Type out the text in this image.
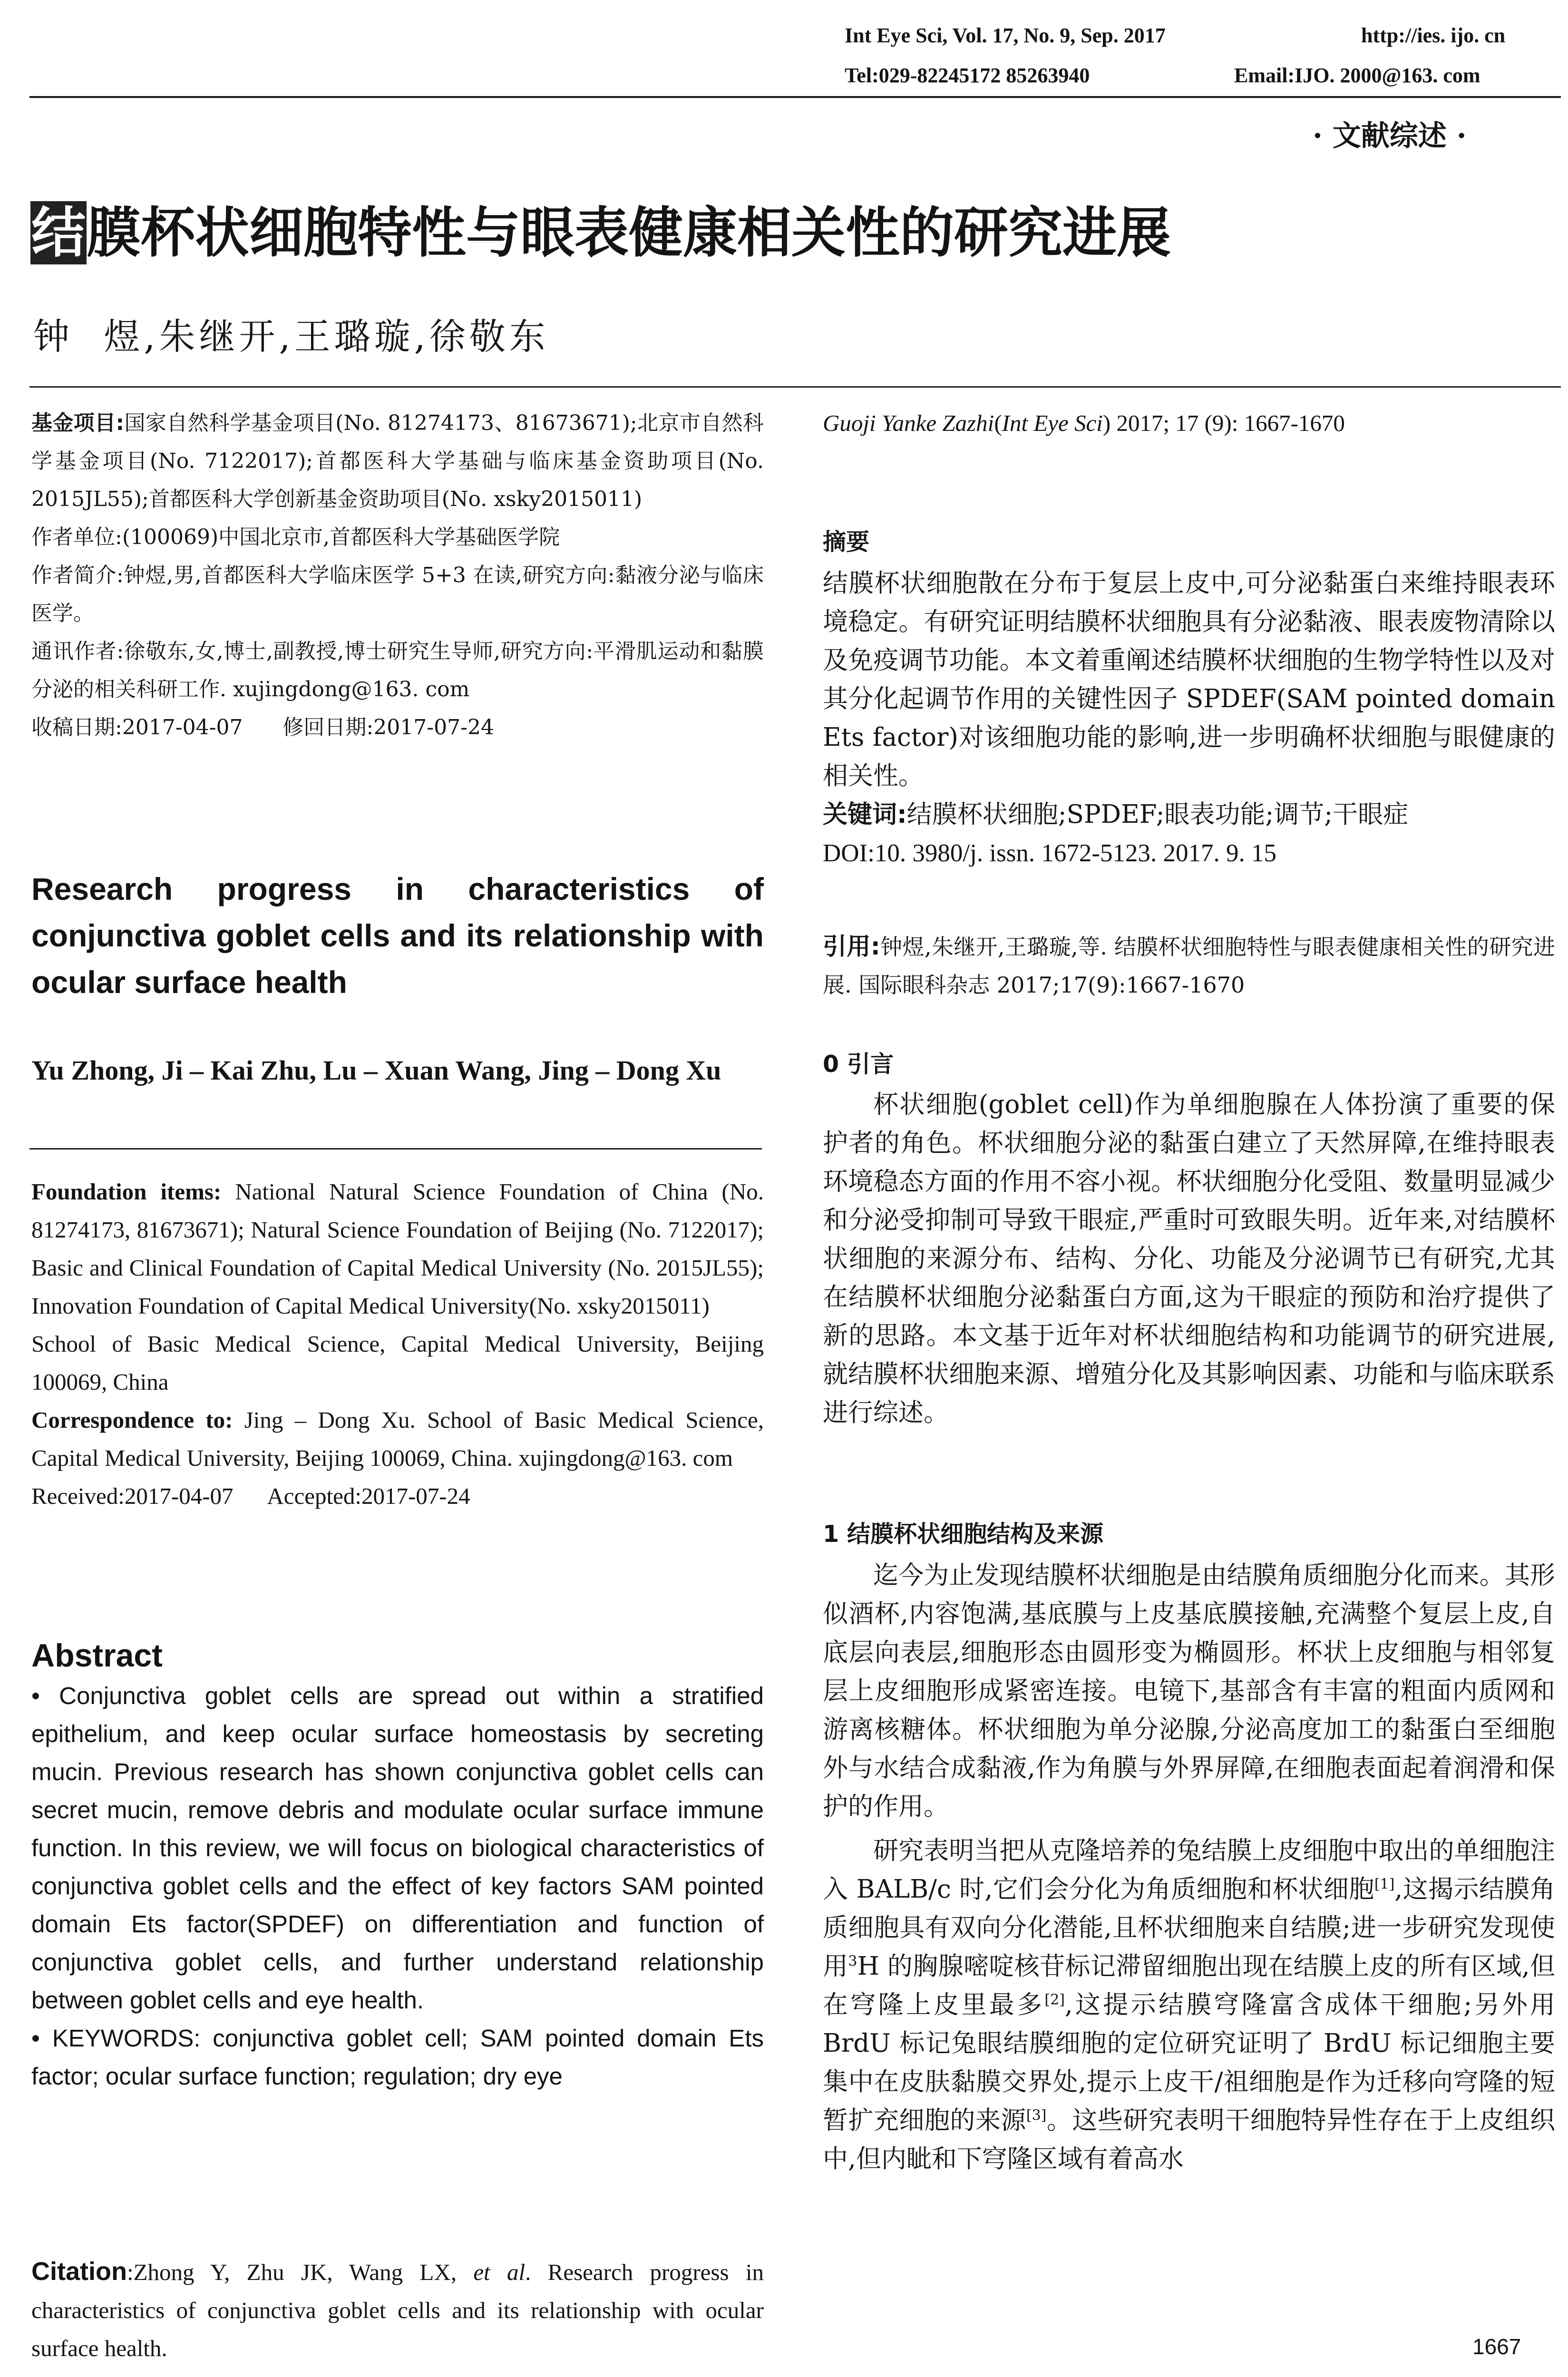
Int Eye Sci, Vol. 17, No. 9, Sep. 2017	http://ies. ijo. cn
Tel:029-82245172 85263940	Email:IJO. 2000@163. com
· 文献综述 ·
结膜杯状细胞特性与眼表健康相关性的研究进展
钟  煜,朱继开,王璐璇,徐敬东

基金项目:国家自然科学基金项目(No. 81274173、81673671);北京市自然科学基金项目(No. 7122017);首都医科大学基础与临床基金资助项目(No. 2015JL55);首都医科大学创新基金资助项目(No. xsky2015011)

作者单位:(100069)中国北京市,首都医科大学基础医学院

作者简介:钟煜,男,首都医科大学临床医学 5+3 在读,研究方向:黏液分泌与临床医学。

通讯作者:徐敬东,女,博士,副教授,博士研究生导师,研究方向:平滑肌运动和黏膜分泌的相关科研工作. xujingdong@163. com

收稿日期:2017-04-07      修回日期:2017-07-24

Research progress in characteristics of conjunctiva goblet cells and its relationship with ocular surface health
Yu Zhong, Ji – Kai Zhu, Lu – Xuan Wang, Jing – Dong Xu

Foundation items: National Natural Science Foundation of China (No. 81274173, 81673671); Natural Science Foundation of Beijing (No. 7122017); Basic and Clinical Foundation of Capital Medical University (No. 2015JL55); Innovation Foundation of Capital Medical University(No. xsky2015011)

School of Basic Medical Science, Capital Medical University, Beijing 100069, China

Correspondence to: Jing – Dong Xu. School of Basic Medical Science, Capital Medical University, Beijing 100069, China. xujingdong@163. com

Received:2017-04-07      Accepted:2017-07-24

Abstract

• Conjunctiva goblet cells are spread out within a stratified epithelium, and keep ocular surface homeostasis by secreting mucin. Previous research has shown conjunctiva goblet cells can secret mucin, remove debris and modulate ocular surface immune function. In this review, we will focus on biological characteristics of conjunctiva goblet cells and the effect of key factors SAM pointed domain Ets factor(SPDEF) on differentiation and function of conjunctiva goblet cells, and further understand relationship between goblet cells and eye health.

• KEYWORDS: conjunctiva goblet cell; SAM pointed domain Ets factor; ocular surface function; regulation; dry eye

Citation:Zhong Y, Zhu JK, Wang LX, et al. Research progress in characteristics of conjunctiva goblet cells and its relationship with ocular surface health.

Guoji Yanke Zazhi(Int Eye Sci) 2017; 17 (9): 1667-1670

摘要

结膜杯状细胞散在分布于复层上皮中,可分泌黏蛋白来维持眼表环境稳定。有研究证明结膜杯状细胞具有分泌黏液、眼表废物清除以及免疫调节功能。本文着重阐述结膜杯状细胞的生物学特性以及对其分化起调节作用的关键性因子 SPDEF(SAM pointed domain Ets factor)对该细胞功能的影响,进一步明确杯状细胞与眼健康的相关性。

关键词:结膜杯状细胞;SPDEF;眼表功能;调节;干眼症

DOI:10. 3980/j. issn. 1672-5123. 2017. 9. 15

引用:钟煜,朱继开,王璐璇,等. 结膜杯状细胞特性与眼表健康相关性的研究进展. 国际眼科杂志 2017;17(9):1667-1670
0 引言

杯状细胞(goblet cell)作为单细胞腺在人体扮演了重要的保护者的角色。杯状细胞分泌的黏蛋白建立了天然屏障,在维持眼表环境稳态方面的作用不容小视。杯状细胞分化受阻、数量明显减少和分泌受抑制可导致干眼症,严重时可致眼失明。近年来,对结膜杯状细胞的来源分布、结构、分化、功能及分泌调节已有研究,尤其在结膜杯状细胞分泌黏蛋白方面,这为干眼症的预防和治疗提供了新的思路。本文基于近年对杯状细胞结构和功能调节的研究进展,就结膜杯状细胞来源、增殖分化及其影响因素、功能和与临床联系进行综述。

1 结膜杯状细胞结构及来源

迄今为止发现结膜杯状细胞是由结膜角质细胞分化而来。其形似酒杯,内容饱满,基底膜与上皮基底膜接触,充满整个复层上皮,自底层向表层,细胞形态由圆形变为椭圆形。杯状上皮细胞与相邻复层上皮细胞形成紧密连接。电镜下,基部含有丰富的粗面内质网和游离核糖体。杯状细胞为单分泌腺,分泌高度加工的黏蛋白至细胞外与水结合成黏液,作为角膜与外界屏障,在细胞表面起着润滑和保护的作用。

研究表明当把从克隆培养的兔结膜上皮细胞中取出的单细胞注入 BALB/c 时,它们会分化为角质细胞和杯状细胞[1],这揭示结膜角质细胞具有双向分化潜能,且杯状细胞来自结膜;进一步研究发现使用$^3$H 的胸腺嘧啶核苷标记滞留细胞出现在结膜上皮的所有区域,但在穹隆上皮里最多[2],这提示结膜穹隆富含成体干细胞;另外用 BrdU 标记兔眼结膜细胞的定位研究证明了 BrdU 标记细胞主要集中在皮肤黏膜交界处,提示上皮干/祖细胞是作为迁移向穹隆的短暂扩充细胞的来源[3]。这些研究表明干细胞特异性存在于上皮组织中,但内眦和下穹隆区域有着高水

1667
